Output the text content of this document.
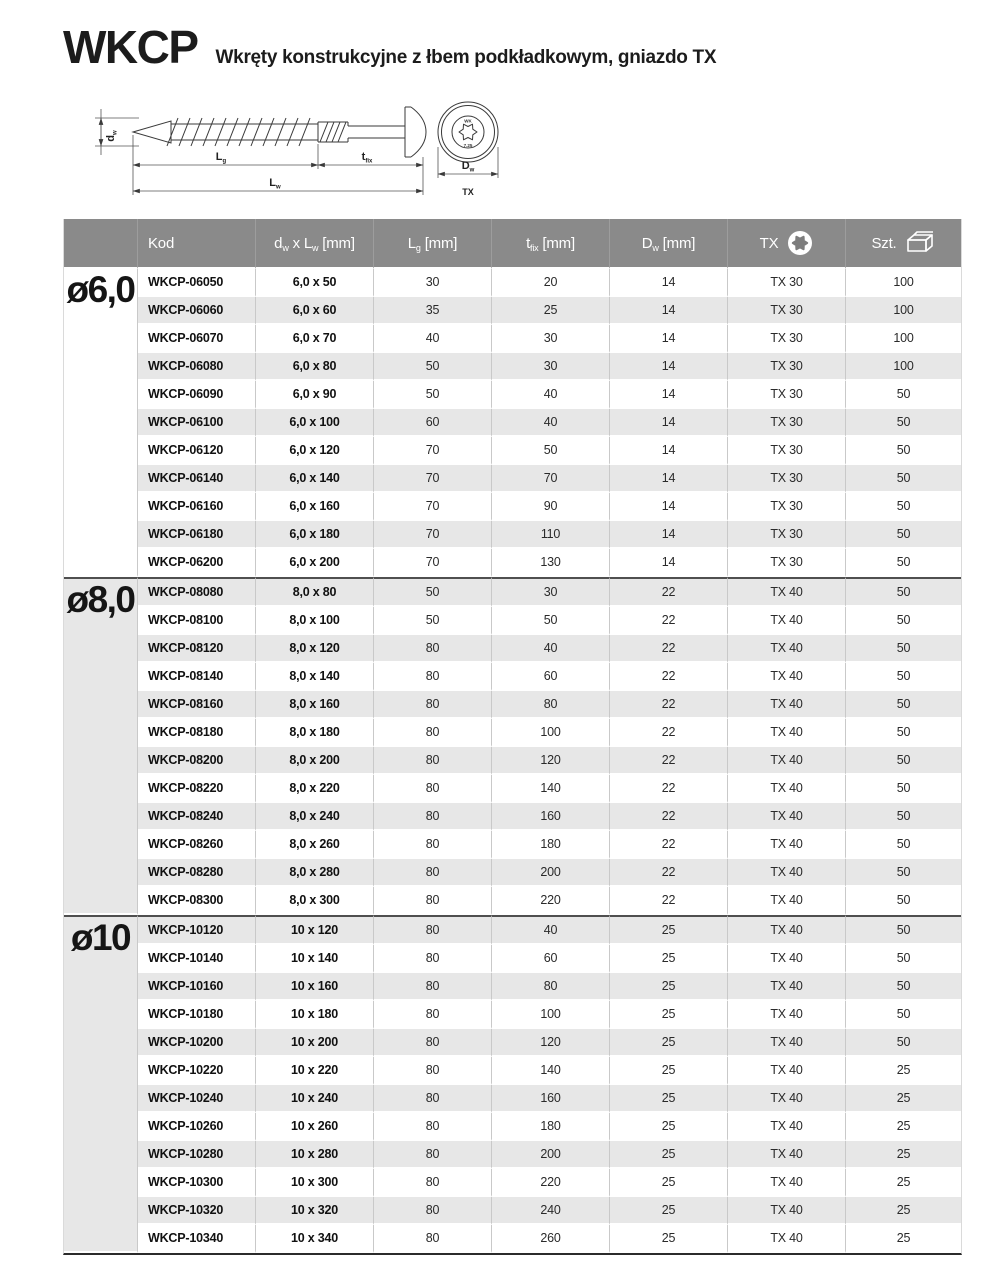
WKCP Wkręty konstrukcyjne z łbem podkładkowym, gniazdo TX
$d_w$
$L_g$	$t_{fix}$
$L_w$
WK
7.25
$D_w$
TX
	Kod	$d_w$ x $L_w$ [mm]	$L_g$ [mm]	$t_{fix}$ [mm]	$D_w$ [mm]	TX	Szt.

ø6,0	WKCP-06050	6,0 x 50	30	20	14	TX 30	100
	WKCP-06060	6,0 x 60	35	25	14	TX 30	100
	WKCP-06070	6,0 x 70	40	30	14	TX 30	100
	WKCP-06080	6,0 x 80	50	30	14	TX 30	100
	WKCP-06090	6,0 x 90	50	40	14	TX 30	50
	WKCP-06100	6,0 x 100	60	40	14	TX 30	50
	WKCP-06120	6,0 x 120	70	50	14	TX 30	50
	WKCP-06140	6,0 x 140	70	70	14	TX 30	50
	WKCP-06160	6,0 x 160	70	90	14	TX 30	50
	WKCP-06180	6,0 x 180	70	110	14	TX 30	50
	WKCP-06200	6,0 x 200	70	130	14	TX 30	50
ø8,0	WKCP-08080	8,0 x 80	50	30	22	TX 40	50
	WKCP-08100	8,0 x 100	50	50	22	TX 40	50
	WKCP-08120	8,0 x 120	80	40	22	TX 40	50
	WKCP-08140	8,0 x 140	80	60	22	TX 40	50
	WKCP-08160	8,0 x 160	80	80	22	TX 40	50
	WKCP-08180	8,0 x 180	80	100	22	TX 40	50
	WKCP-08200	8,0 x 200	80	120	22	TX 40	50
	WKCP-08220	8,0 x 220	80	140	22	TX 40	50
	WKCP-08240	8,0 x 240	80	160	22	TX 40	50
	WKCP-08260	8,0 x 260	80	180	22	TX 40	50
	WKCP-08280	8,0 x 280	80	200	22	TX 40	50
	WKCP-08300	8,0 x 300	80	220	22	TX 40	50
ø10	WKCP-10120	10 x 120	80	40	25	TX 40	50
	WKCP-10140	10 x 140	80	60	25	TX 40	50
	WKCP-10160	10 x 160	80	80	25	TX 40	50
	WKCP-10180	10 x 180	80	100	25	TX 40	50
	WKCP-10200	10 x 200	80	120	25	TX 40	50
	WKCP-10220	10 x 220	80	140	25	TX 40	25
	WKCP-10240	10 x 240	80	160	25	TX 40	25
	WKCP-10260	10 x 260	80	180	25	TX 40	25
	WKCP-10280	10 x 280	80	200	25	TX 40	25
	WKCP-10300	10 x 300	80	220	25	TX 40	25
	WKCP-10320	10 x 320	80	240	25	TX 40	25
	WKCP-10340	10 x 340	80	260	25	TX 40	25
